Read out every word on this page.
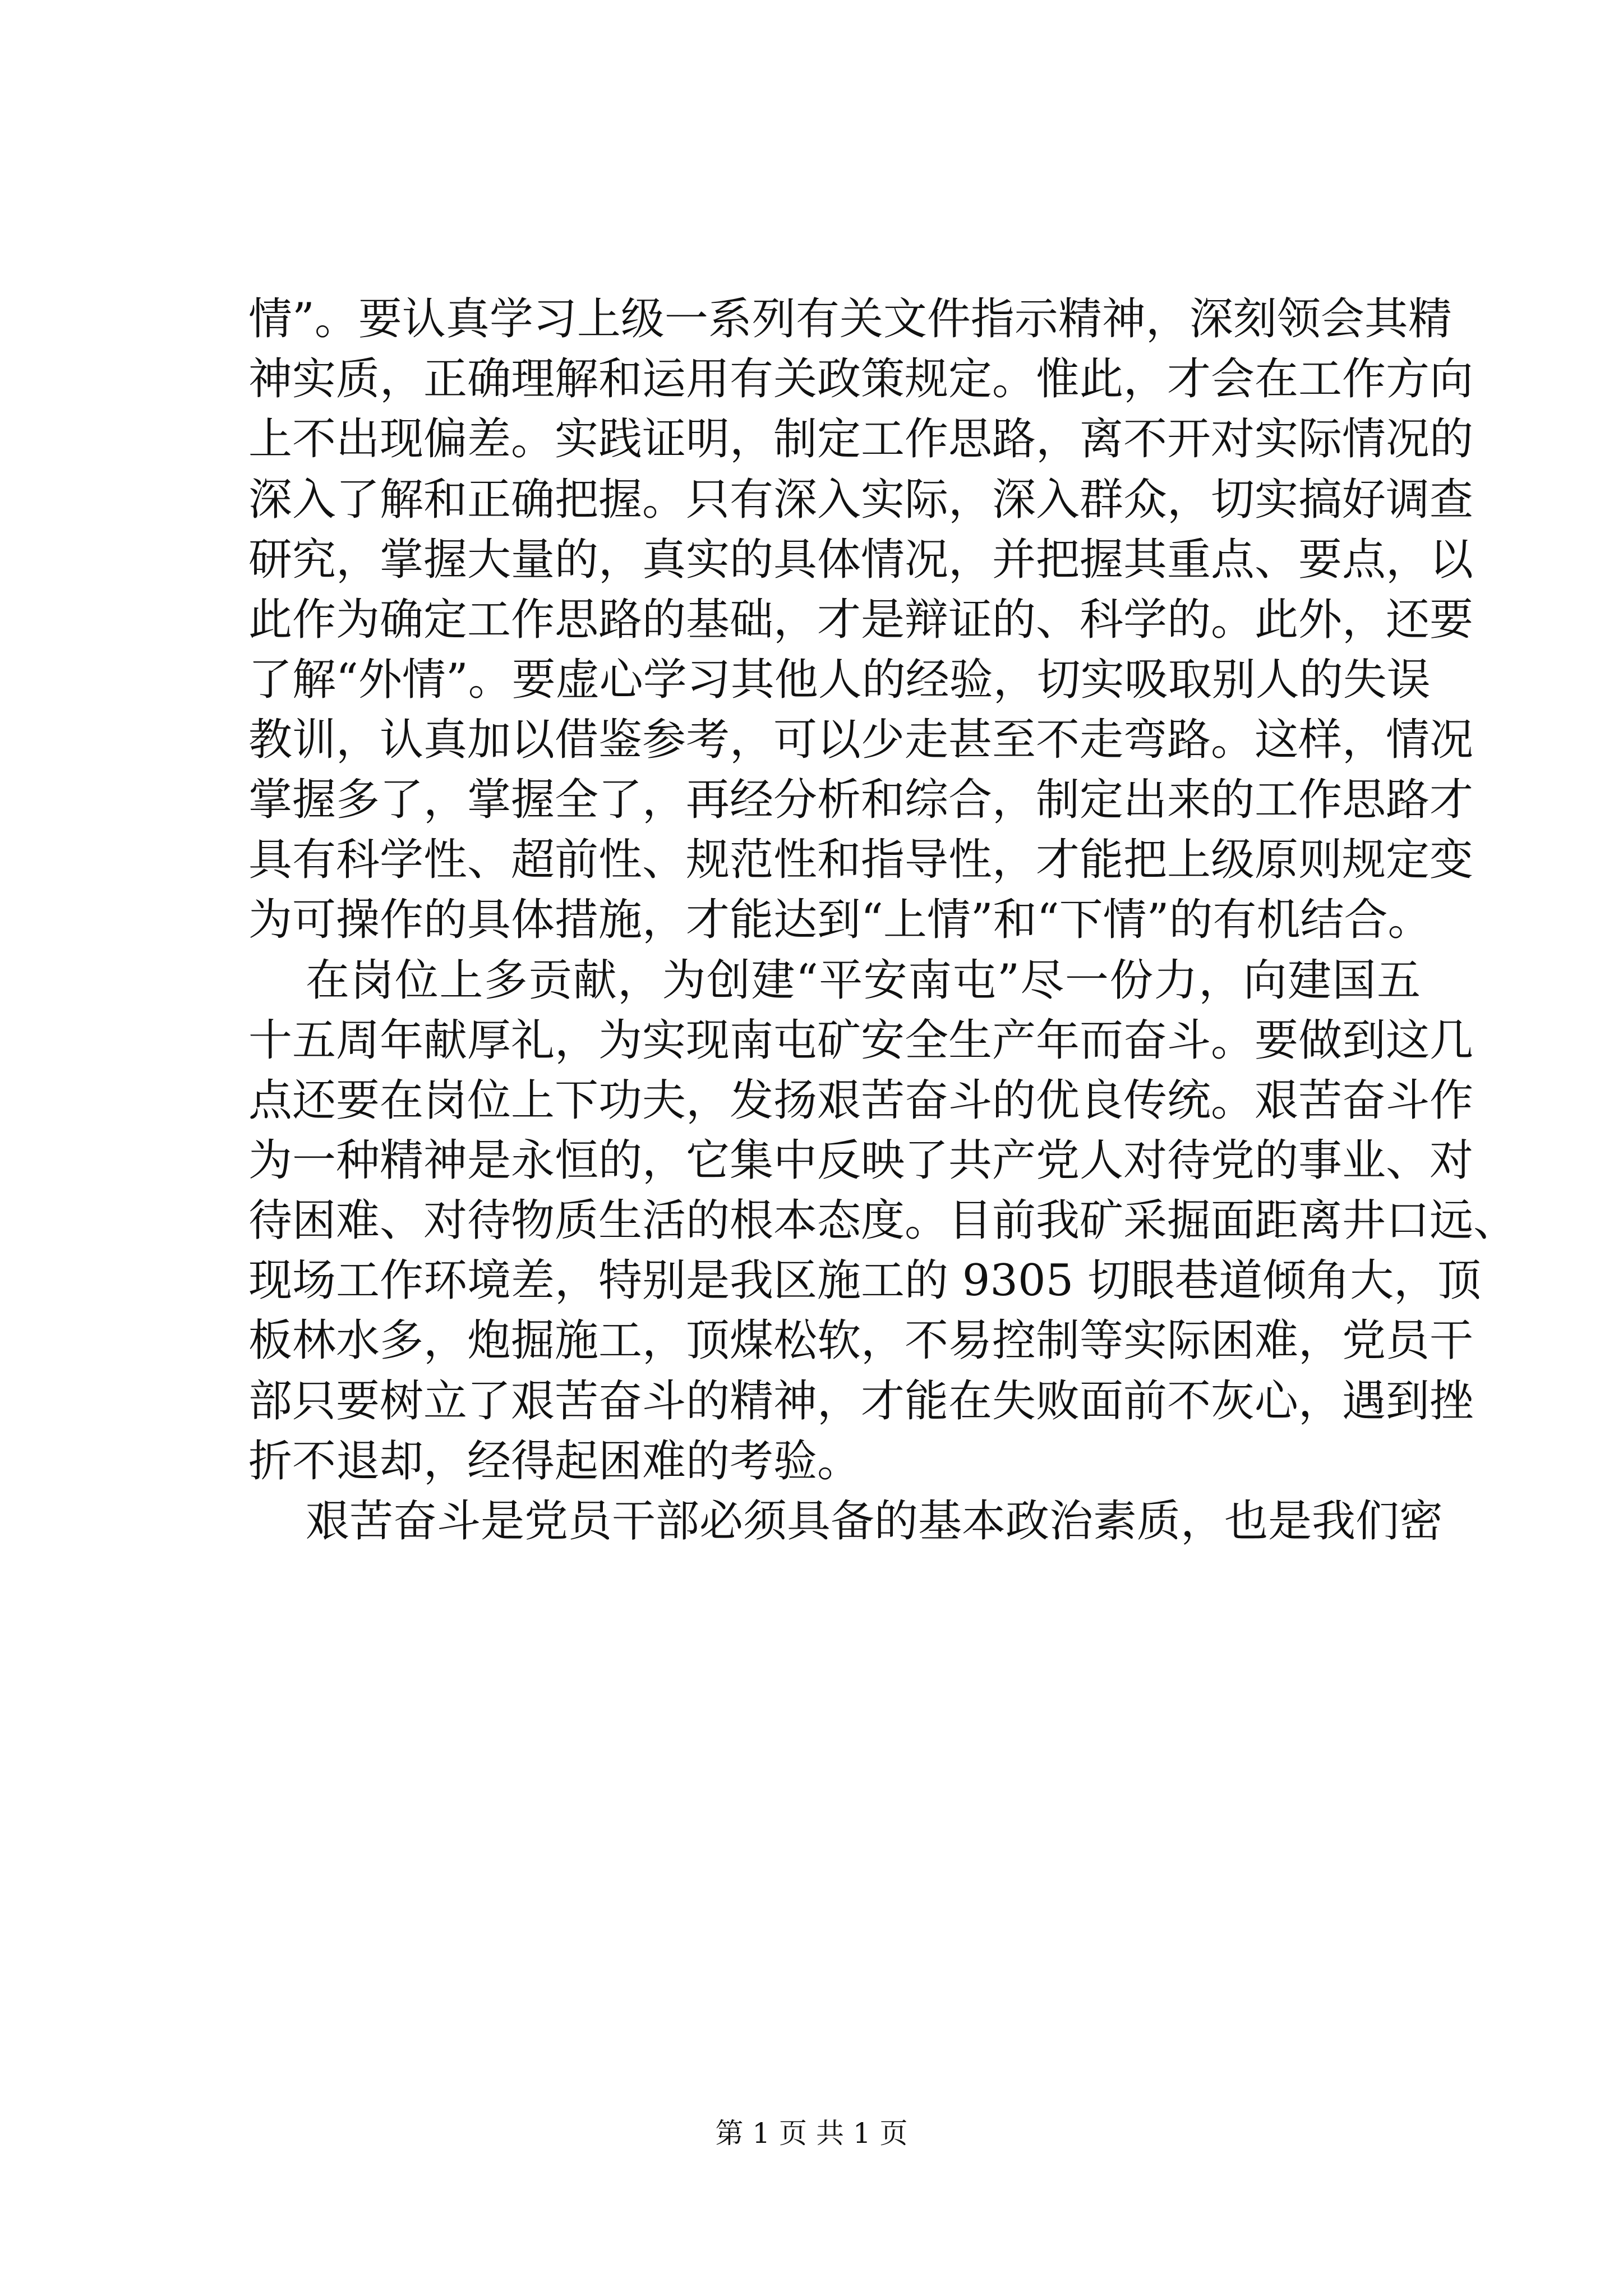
情”。要认真学习上级一系列有关文件指示精神，深刻领会其精
神实质，正确理解和运用有关政策规定。惟此，才会在工作方向
上不出现偏差。实践证明，制定工作思路，离不开对实际情况的
深入了解和正确把握。只有深入实际，深入群众，切实搞好调查
研究，掌握大量的，真实的具体情况，并把握其重点、要点，以
此作为确定工作思路的基础，才是辩证的、科学的。此外，还要
了解“外情”。要虚心学习其他人的经验，切实吸取别人的失误
教训，认真加以借鉴参考，可以少走甚至不走弯路。这样，情况
掌握多了，掌握全了，再经分析和综合，制定出来的工作思路才
具有科学性、超前性、规范性和指导性，才能把上级原则规定变
为可操作的具体措施，才能达到“上情”和“下情”的有机结合。
在岗位上多贡献，为创建“平安南屯”尽一份力，向建国五
十五周年献厚礼，为实现南屯矿安全生产年而奋斗。要做到这几
点还要在岗位上下功夫，发扬艰苦奋斗的优良传统。艰苦奋斗作
为一种精神是永恒的，它集中反映了共产党人对待党的事业、对
待困难、对待物质生活的根本态度。目前我矿采掘面距离井口远、
现场工作环境差，特别是我区施工的 9305 切眼巷道倾角大，顶
板林水多，炮掘施工，顶煤松软，不易控制等实际困难，党员干
部只要树立了艰苦奋斗的精神，才能在失败面前不灰心，遇到挫
折不退却，经得起困难的考验。
艰苦奋斗是党员干部必须具备的基本政治素质，也是我们密
第 1 页 共 1 页
